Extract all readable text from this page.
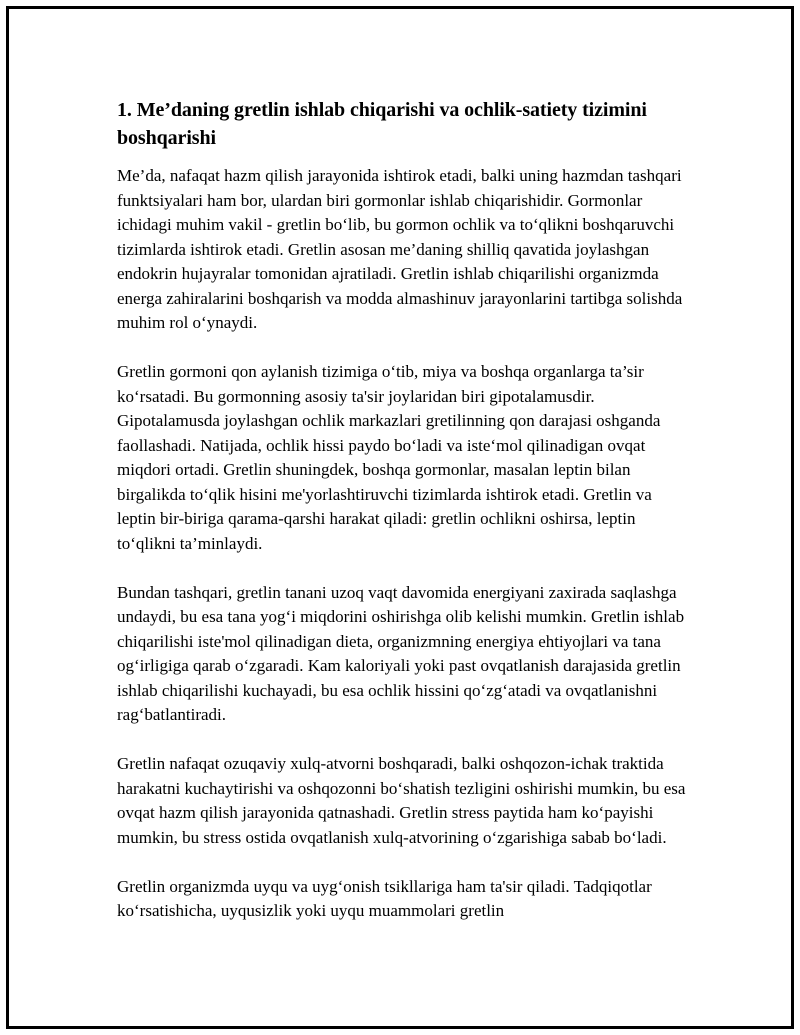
1. Me’daning gretlin ishlab chiqarishi va ochlik-satiety tizimini boshqarishi

Me’da, nafaqat hazm qilish jarayonida ishtirok etadi, balki uning hazmdan tashqari funktsiyalari ham bor, ulardan biri gormonlar ishlab chiqarishidir. Gormonlar ichidagi muhim vakil - gretlin bo‘lib, bu gormon ochlik va to‘qlikni boshqaruvchi tizimlarda ishtirok etadi. Gretlin asosan me’daning shilliq qavatida joylashgan endokrin hujayralar tomonidan ajratiladi. Gretlin ishlab chiqarilishi organizmda energa zahiralarini boshqarish va modda almashinuv jarayonlarini tartibga solishda muhim rol o‘ynaydi.

Gretlin gormoni qon aylanish tizimiga o‘tib, miya va boshqa organlarga ta’sir ko‘rsatadi. Bu gormonning asosiy ta'sir joylaridan biri gipotalamusdir. Gipotalamusda joylashgan ochlik markazlari gretilinning qon darajasi oshganda faollashadi. Natijada, ochlik hissi paydo bo‘ladi va iste‘mol qilinadigan ovqat miqdori ortadi. Gretlin shuningdek, boshqa gormonlar, masalan leptin bilan birgalikda to‘qlik hisini me'yorlashtiruvchi tizimlarda ishtirok etadi. Gretlin va leptin bir-biriga qarama-qarshi harakat qiladi: gretlin ochlikni oshirsa, leptin to‘qlikni ta’minlaydi.

Bundan tashqari, gretlin tanani uzoq vaqt davomida energiyani zaxirada saqlashga undaydi, bu esa tana yog‘i miqdorini oshirishga olib kelishi mumkin. Gretlin ishlab chiqarilishi iste'mol qilinadigan dieta, organizmning energiya ehtiyojlari va tana og‘irligiga qarab o‘zgaradi. Kam kaloriyali yoki past ovqatlanish darajasida gretlin ishlab chiqarilishi kuchayadi, bu esa ochlik hissini qo‘zg‘atadi va ovqatlanishni rag‘batlantiradi.

Gretlin nafaqat ozuqaviy xulq-atvorni boshqaradi, balki oshqozon-ichak traktida harakatni kuchaytirishi va oshqozonni bo‘shatish tezligini oshirishi mumkin, bu esa ovqat hazm qilish jarayonida qatnashadi. Gretlin stress paytida ham ko‘payishi mumkin, bu stress ostida ovqatlanish xulq-atvorining o‘zgarishiga sabab bo‘ladi.

Gretlin organizmda uyqu va uyg‘onish tsikllariga ham ta'sir qiladi. Tadqiqotlar ko‘rsatishicha, uyqusizlik yoki uyqu muammolari gretlin
